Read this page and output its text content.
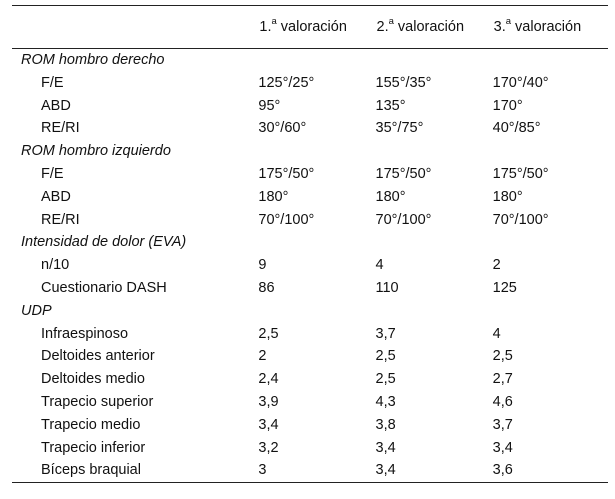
	1.$^a$ valoración	2.$^a$ valoración	3.$^a$ valoración
ROM hombro derecho			
F/E	125°/25°	155°/35°	170°/40°
ABD	95°	135°	170°
RE/RI	30°/60°	35°/75°	40°/85°
ROM hombro izquierdo			
F/E	175°/50°	175°/50°	175°/50°
ABD	180°	180°	180°
RE/RI	70°/100°	70°/100°	70°/100°
Intensidad de dolor (EVA)			
n/10	9	4	2
Cuestionario DASH	86	110	125
UDP			
Infraespinoso	2,5	3,7	4
Deltoides anterior	2	2,5	2,5
Deltoides medio	2,4	2,5	2,7
Trapecio superior	3,9	4,3	4,6
Trapecio medio	3,4	3,8	3,7
Trapecio inferior	3,2	3,4	3,4
Bíceps braquial	3	3,4	3,6
